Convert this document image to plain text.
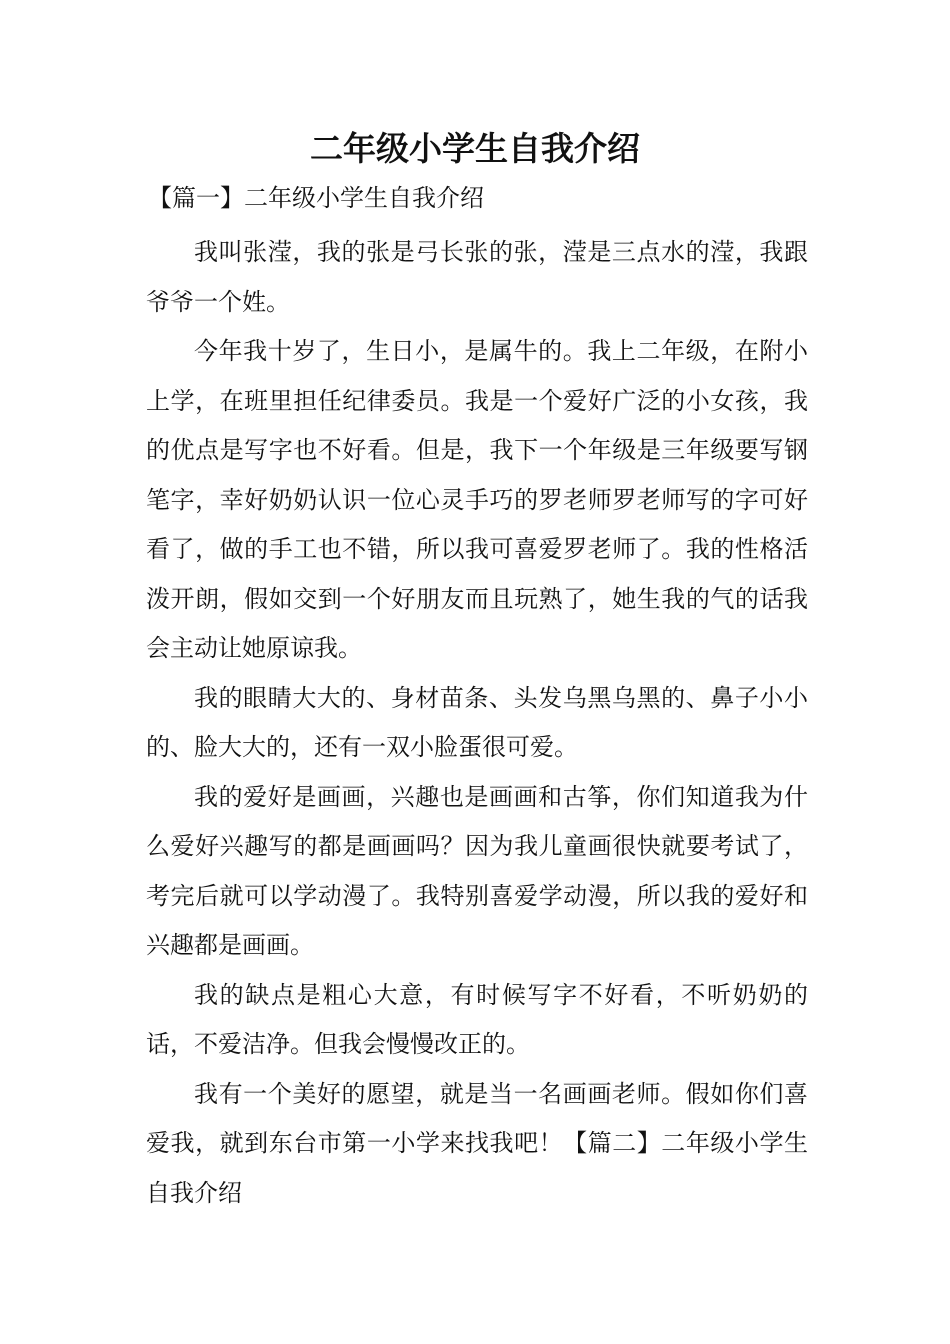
二年级小学生自我介绍

【篇一】二年级小学生自我介绍

我叫张滢，我的张是弓长张的张，滢是三点水的滢，我跟爷爷一个姓。

今年我十岁了，生日小，是属牛的。我上二年级，在附小上学，在班里担任纪律委员。我是一个爱好广泛的小女孩，我的优点是写字也不好看。但是，我下一个年级是三年级要写钢笔字，幸好奶奶认识一位心灵手巧的罗老师罗老师写的字可好看了，做的手工也不错，所以我可喜爱罗老师了。我的性格活泼开朗，假如交到一个好朋友而且玩熟了，她生我的气的话我会主动让她原谅我。

我的眼睛大大的、身材苗条、头发乌黑乌黑的、鼻子小小的、脸大大的，还有一双小脸蛋很可爱。

我的爱好是画画，兴趣也是画画和古筝，你们知道我为什么爱好兴趣写的都是画画吗？因为我儿童画很快就要考试了，考完后就可以学动漫了。我特别喜爱学动漫，所以我的爱好和兴趣都是画画。

我的缺点是粗心大意，有时候写字不好看，不听奶奶的话，不爱洁净。但我会慢慢改正的。

我有一个美好的愿望，就是当一名画画老师。假如你们喜爱我，就到东台市第一小学来找我吧！【篇二】二年级小学生自我介绍
